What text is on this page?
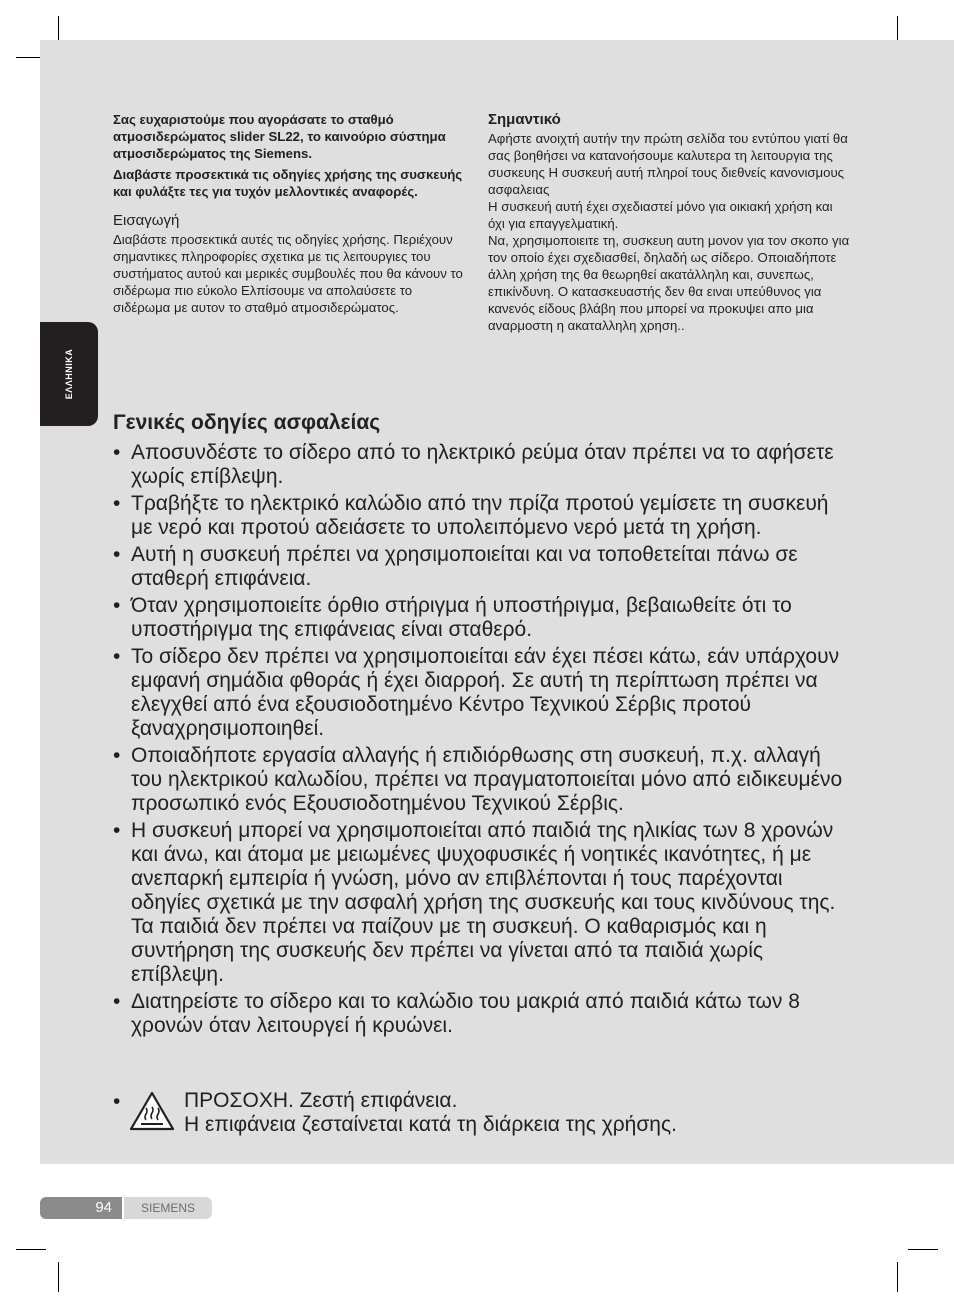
ΕΛΛΗΝΙΚΑ

Σας ευχαριστούμε που αγοράσατε το σταθμό ατμοσιδερώματος slider SL22, το καινούριο σύστημα ατμοσιδερώματος της Siemens.

Διαβάστε προσεκτικά τις οδηγίες χρήσης της συσκευής και φυλάξτε τες για τυχόν μελλοντικές αναφορές.

Εισαγωγή

Διαβάστε προσεκτικά αυτές τις οδηγίες χρήσης. Περιέχουν σημαντικες πληροφορίες σχετικα με τις λειτουργιες του συστήματος αυτού και μερικές συμβουλές που θα κάνουν το σιδέρωμα πιο εύκολο Ελπίσουμε να απολαύσετε το σιδέρωμα με αυτον το σταθμό ατμοσιδερώματος.

Σημαντικό

Αφήστε ανοιχτή αυτήν την πρώτη σελίδα του εντύπου γιατί θα σας βοηθήσει να κατανοήσουμε καλυτερα τη λειτουργια της συσκευης Η συσκευή αυτή πληροί τους διεθνείς κανονισμους ασφαλειας

Η συσκευή αυτή έχει σχεδιαστεί μόνο για οικιακή χρήση και όχι για επαγγελματική.

Να, χρησιμοποιειτε τη, συσκευη αυτη μονον για τον σκοπο για τον οποίο έχει σχεδιασθεί, δηλαδή ως σίδερο. Οποιαδήποτε άλλη χρήση της θα θεωρηθεί ακατάλληλη και, συνεπως, επικίνδυνη. Ο κατασκευαστής δεν θα ειναι υπεύθυνος για κανενός είδους βλάβη που μπορεί να προκυψει απο μια αναρμοστη η ακαταλληλη χρηση..

Γενικές οδηγίες ασφαλείας
• Αποσυνδέστε το σίδερο από το ηλεκτρικό ρεύμα όταν πρέπει να το αφήσετε χωρίς επίβλεψη.
• Τραβήξτε το ηλεκτρικό καλώδιο από την πρίζα προτού γεμίσετε τη συσκευή με νερό και προτού αδειάσετε το υπολειπόμενο νερό μετά τη χρήση.
• Αυτή η συσκευή πρέπει να χρησιμοποιείται και να τοποθετείται πάνω σε σταθερή επιφάνεια.
• Όταν χρησιμοποιείτε όρθιο στήριγμα ή υποστήριγμα, βεβαιωθείτε ότι το υποστήριγμα της επιφάνειας είναι σταθερό.
• Το σίδερο δεν πρέπει να χρησιμοποιείται εάν έχει πέσει κάτω, εάν υπάρχουν εμφανή σημάδια φθοράς ή έχει διαρροή. Σε αυτή τη περίπτωση πρέπει να ελεγχθεί από ένα εξουσιοδοτημένο Κέντρο Τεχνικού Σέρβις προτού ξαναχρησιμοποιηθεί.
• Οποιαδήποτε εργασία αλλαγής ή επιδιόρθωσης στη συσκευή, π.χ. αλλαγή του ηλεκτρικού καλωδίου, πρέπει να πραγματοποιείται μόνο από ειδικευμένο προσωπικό ενός Εξουσιοδοτημένου Τεχνικού Σέρβις.
• Η συσκευή μπορεί να χρησιμοποιείται από παιδιά της ηλικίας των 8 χρονών και άνω, και άτομα με μειωμένες ψυχοφυσικές ή νοητικές ικανότητες, ή με ανεπαρκή εμπειρία ή γνώση, μόνο αν επιβλέπονται ή τους παρέχονται οδηγίες σχετικά με την ασφαλή χρήση της συσκευής και τους κινδύνους της. Τα παιδιά δεν πρέπει να παίζουν με τη συσκευή. Ο καθαρισμός και η συντήρηση της συσκευής δεν πρέπει να γίνεται από τα παιδιά χωρίς επίβλεψη.
• Διατηρείστε το σίδερο και το καλώδιο του μακριά από παιδιά κάτω των 8 χρονών όταν λειτουργεί ή κρυώνει.
•	ΠΡΟΣΟΧΗ. Ζεστή επιφάνεια.
Η επιφάνεια ζεσταίνεται κατά τη διάρκεια της χρήσης.
94	SIEMENS
